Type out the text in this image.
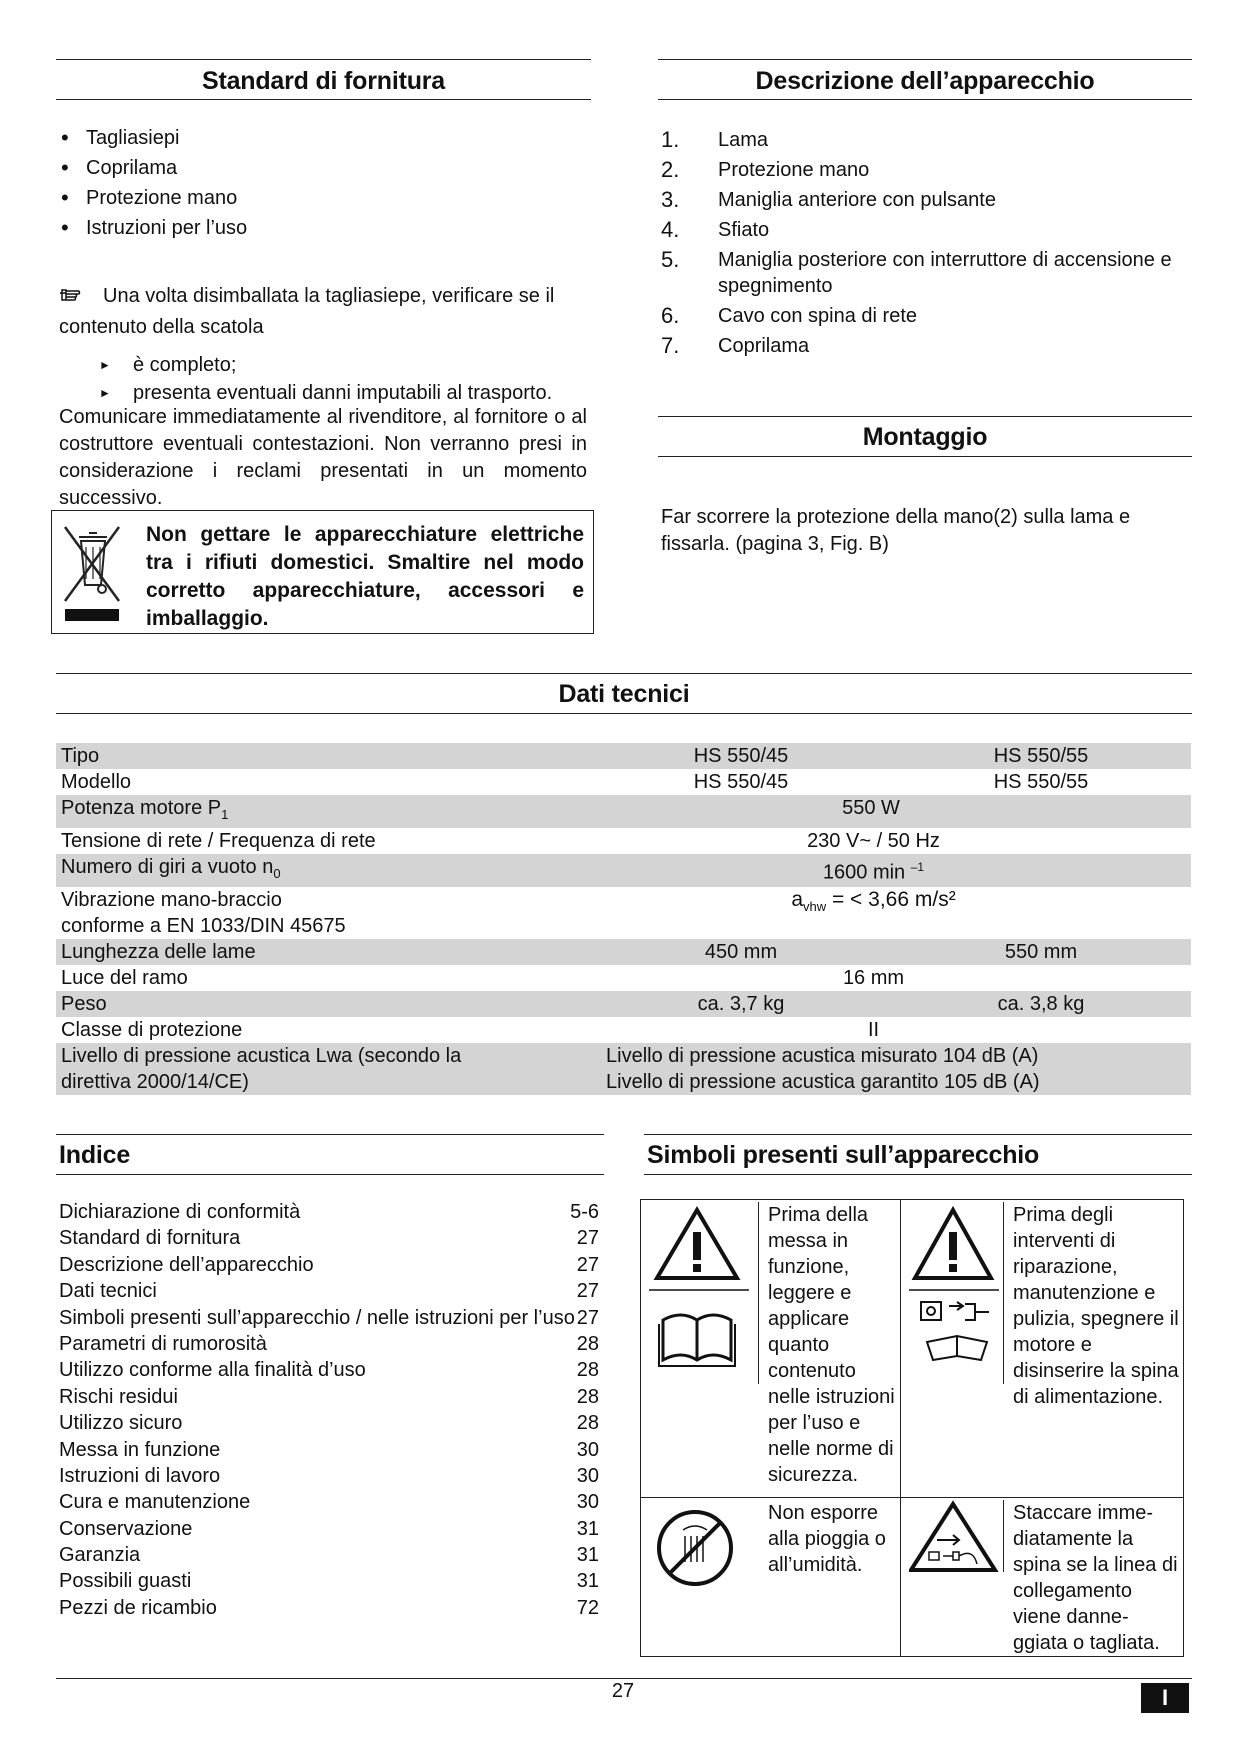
Standard di fornitura
• Tagliasiepi
• Coprilama
• Protezione mano
• Istruzioni per l’uso
Una volta disimballata la tagliasiepe, verificare se il contenuto della scatola
► è completo;
► presenta eventuali danni imputabili al trasporto.
Comunicare immediatamente al rivenditore, al fornitore o al costruttore eventuali contestazioni. Non verranno presi in considerazione i reclami presentati in un momento successivo.
Non gettare le apparecchiature elettriche tra i rifiuti domestici. Smaltire nel modo corretto apparecchiature, accessori e imballaggio.
Descrizione dell’apparecchio
1.	Lama
2.	Protezione mano
3.	Maniglia anteriore con pulsante
4.	Sfiato
5.	Maniglia posteriore con interruttore di accensione e spegnimento
6.	Cavo con spina di rete
7.	Coprilama
Montaggio
Far scorrere la protezione della mano(2) sulla lama e fissarla. (pagina 3, Fig. B)
Dati tecnici
Tipo	HS 550/45	HS 550/55
Modello	HS 550/45	HS 550/55
Potenza motore $P_1$	550 W	
Tensione di rete / Frequenza di rete	230 V~ / 50 Hz	
Numero di giri a vuoto $n_0$	1600 min $^{-1}$

Vibrazione mano-braccio
conforme a EN 1033/DIN 45675	$a_{vhw}$ = < 3,66 m/s²	
Lunghezza delle lame	450 mm	550 mm
Luce del ramo	16 mm	
Peso	ca. 3,7 kg	ca. 3,8 kg
Classe di protezione	II	
Livello di pressione acustica Lwa (secondo la direttiva 2000/14/CE)	Livello di pressione acustica misurato 104 dB (A)
Livello di pressione acustica garantito 105 dB (A)	
Indice
Dichiarazione di conformità	5-6
Standard di fornitura	27
Descrizione dell’apparecchio	27
Dati tecnici	27
Simboli presenti sull’apparecchio / nelle istruzioni per l’uso 27
Parametri di rumorosità	28
Utilizzo conforme alla finalità d’uso	28
Rischi residui	28
Utilizzo sicuro	28
Messa in funzione	30
Istruzioni di lavoro	30
Cura e manutenzione	30
Conservazione	31
Garanzia	31
Possibili guasti	31
Pezzi de ricambio	72
Simboli presenti sull’apparecchio
Prima della messa in funzione, leggere e applicare quanto contenuto nelle istruzioni per l’uso e nelle norme di sicurezza.	Prima degli interventi di riparazione, manutenzione e pulizia, spegnere il motore e disinserire la spina di alimentazione.

Non esporre alla pioggia o all’umidità.	Staccare imme-diatamente la spina se la linea di collegamento viene danne-ggiata o tagliata.
27	I
